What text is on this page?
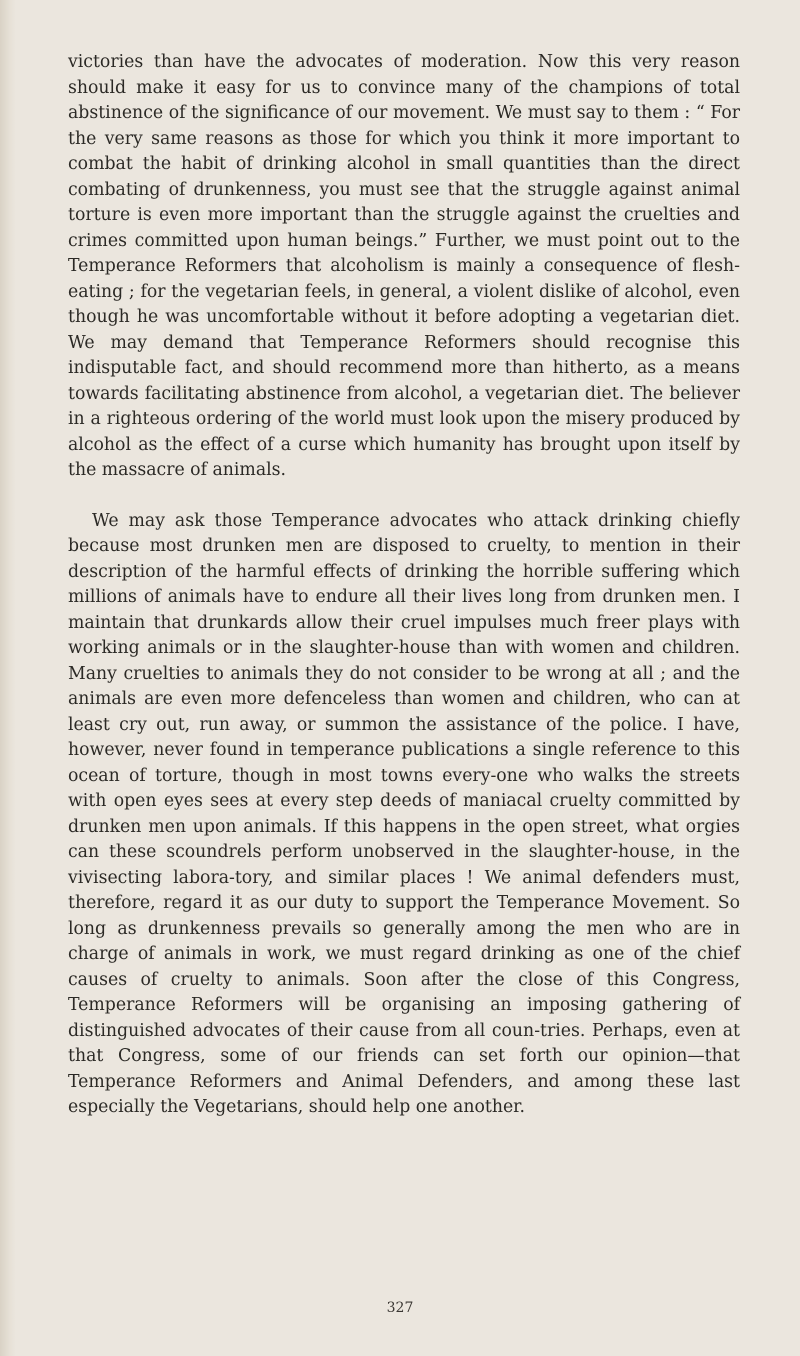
victories than have the advocates of moderation. Now this very reason should make it easy for us to convince many of the champions of total abstinence of the significance of our movement. We must say to them : “ For the very same reasons as those for which you think it more important to combat the habit of drinking alcohol in small quantities than the direct combating of drunkenness, you must see that the struggle against animal torture is even more important than the struggle against the cruelties and crimes committed upon human beings.” Further, we must point out to the Temperance Reformers that alcoholism is mainly a consequence of flesh-eating ; for the vegetarian feels, in general, a violent dislike of alcohol, even though he was uncomfortable without it before adopting a vegetarian diet. We may demand that Temperance Reformers should recognise this indisputable fact, and should recommend more than hitherto, as a means towards facilitating abstinence from alcohol, a vegetarian diet. The believer in a righteous ordering of the world must look upon the misery produced by alcohol as the effect of a curse which humanity has brought upon itself by the massacre of animals.

We may ask those Temperance advocates who attack drinking chiefly because most drunken men are disposed to cruelty, to mention in their description of the harmful effects of drinking the horrible suffering which millions of animals have to endure all their lives long from drunken men. I maintain that drunkards allow their cruel impulses much freer plays with working animals or in the slaughter-house than with women and children. Many cruelties to animals they do not consider to be wrong at all ; and the animals are even more defenceless than women and children, who can at least cry out, run away, or summon the assistance of the police. I have, however, never found in temperance publications a single reference to this ocean of torture, though in most towns every-one who walks the streets with open eyes sees at every step deeds of maniacal cruelty committed by drunken men upon animals. If this happens in the open street, what orgies can these scoundrels perform unobserved in the slaughter-house, in the vivisecting labora-tory, and similar places ! We animal defenders must, therefore, regard it as our duty to support the Temperance Movement. So long as drunkenness prevails so generally among the men who are in charge of animals in work, we must regard drinking as one of the chief causes of cruelty to animals. Soon after the close of this Congress, Temperance Reformers will be organising an imposing gathering of distinguished advocates of their cause from all coun-tries. Perhaps, even at that Congress, some of our friends can set forth our opinion—that Temperance Reformers and Animal Defenders, and among these last especially the Vegetarians, should help one another.

327
